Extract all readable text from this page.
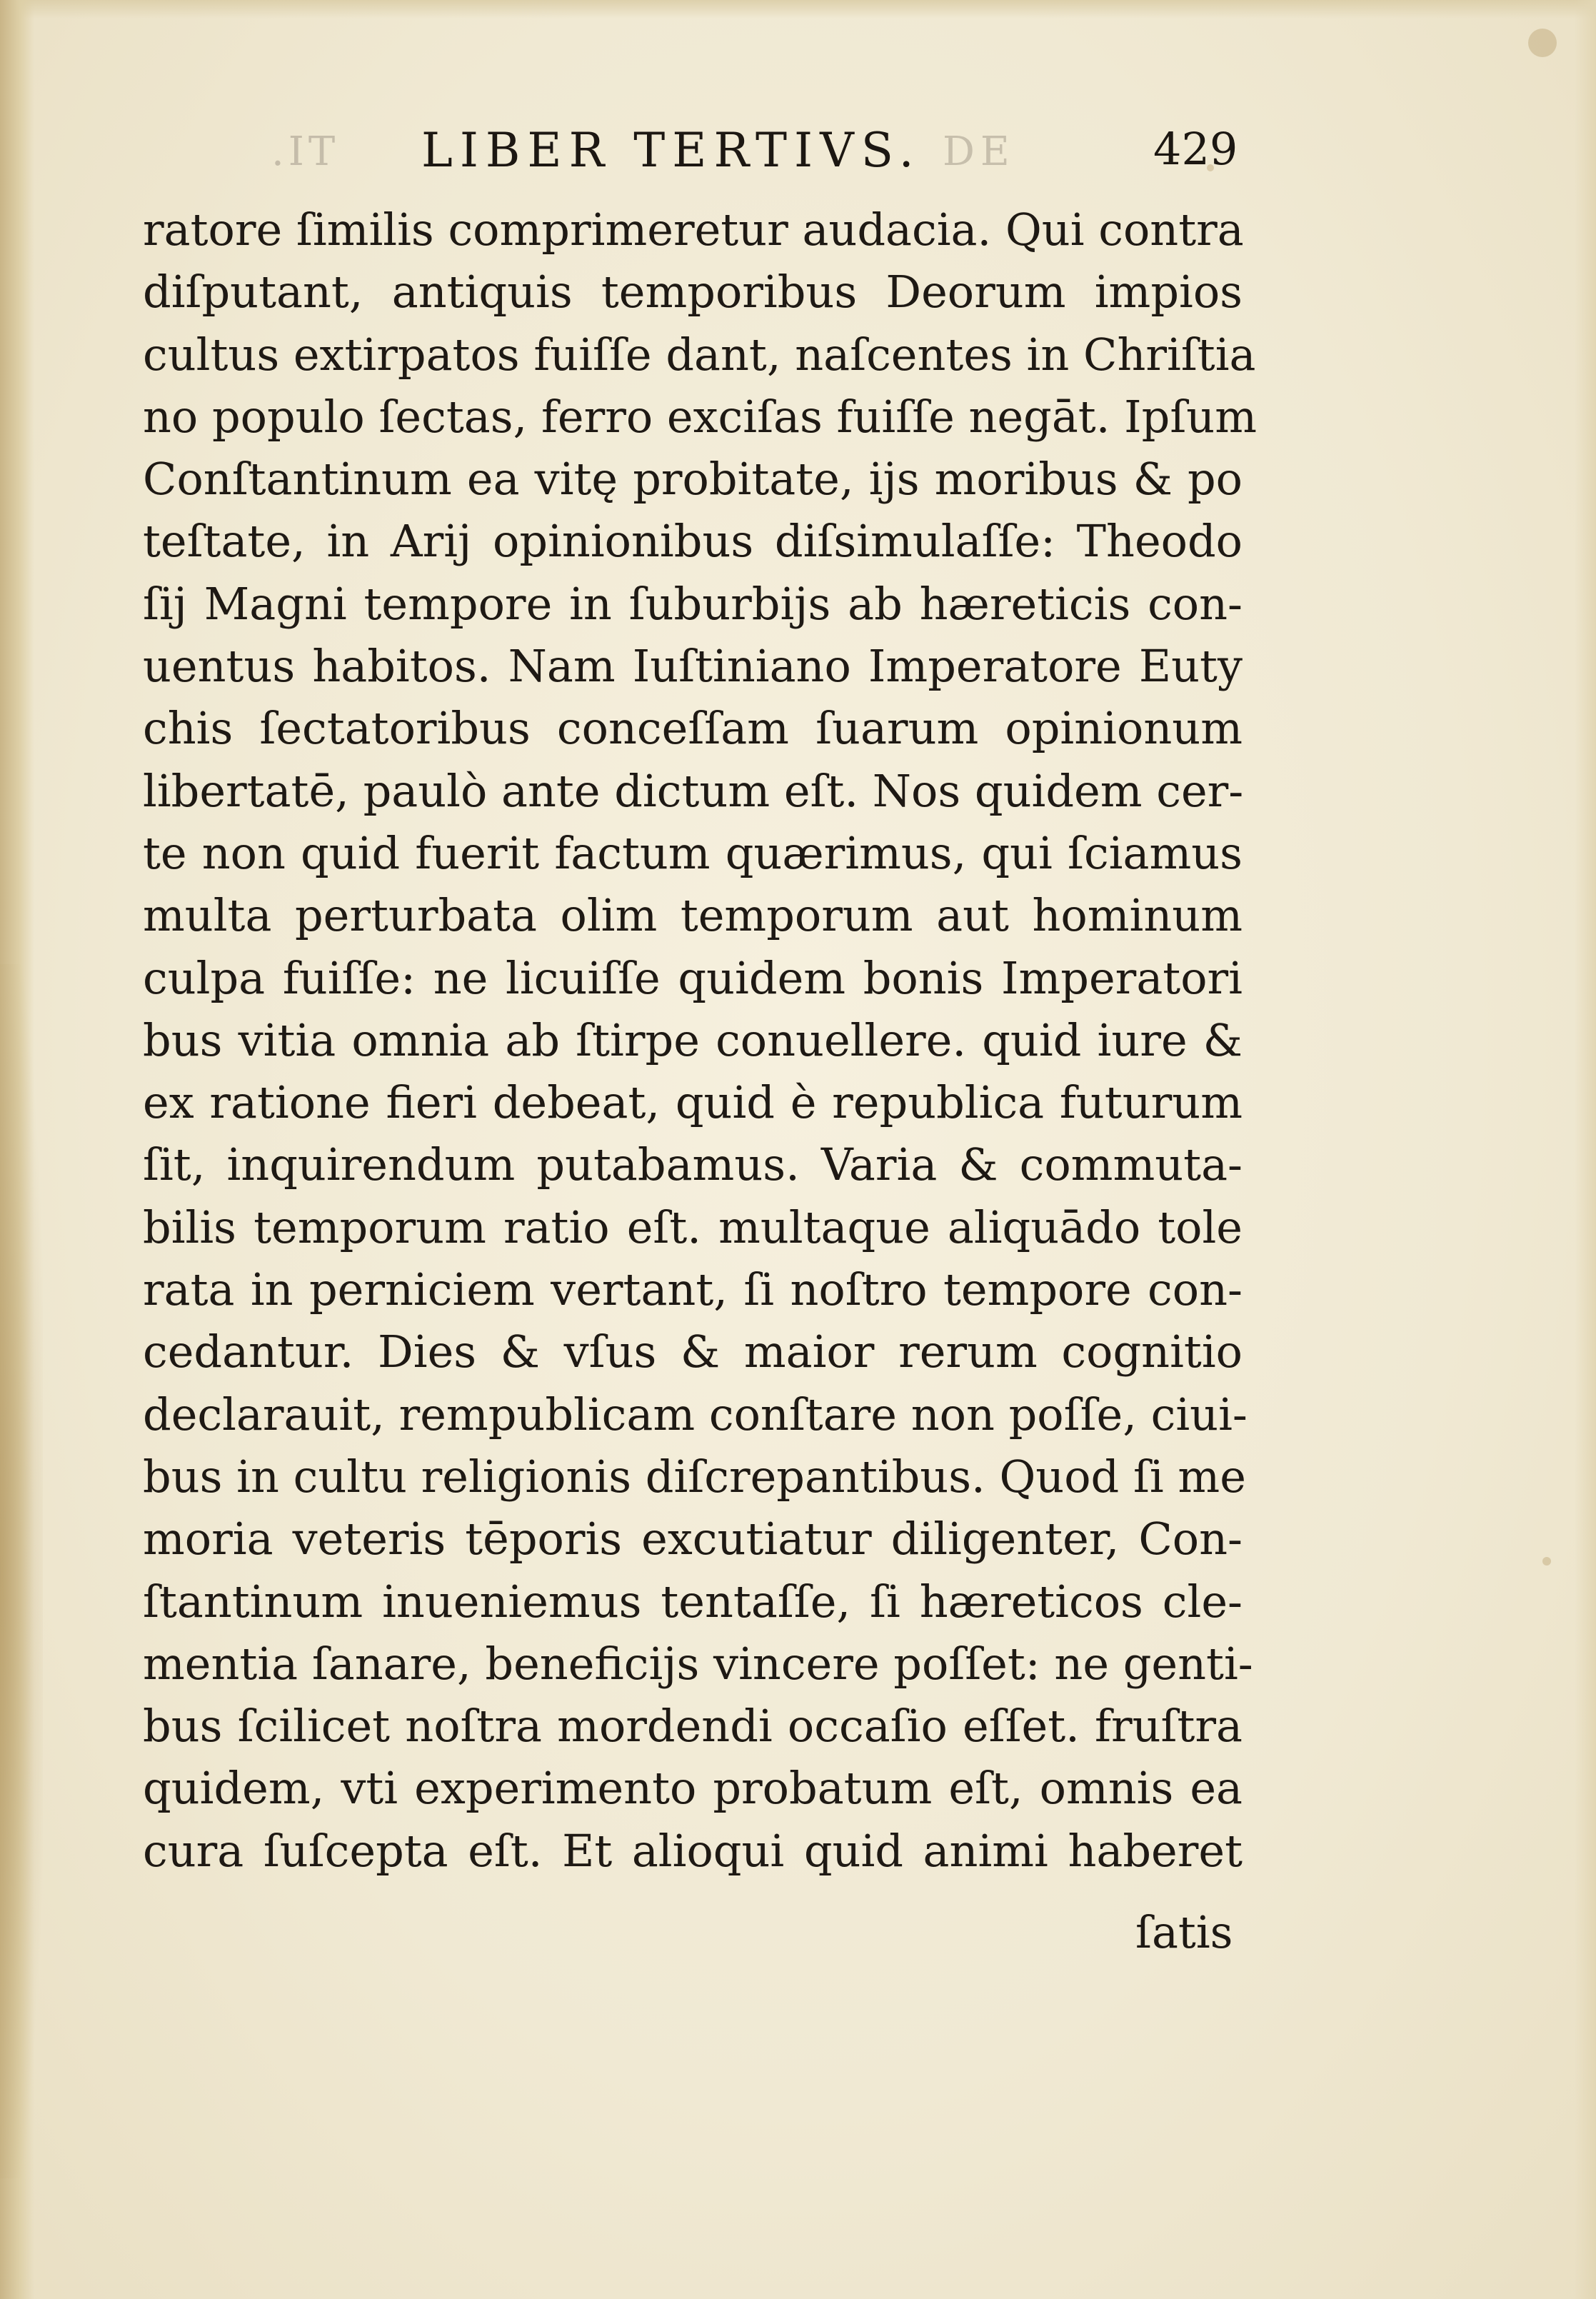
.IT LIBER TERTIVS. DE	429
ratore ſimilis comprimeretur audacia. Qui contra
diſputant, antiquis temporibus Deorum impios
cultus extirpatos fuiſſe dant, naſcentes in Chriſtia
no populo ſectas, ferro exciſas fuiſſe negāt. Ipſum
Conſtantinum ea vitę probitate, ijs moribus & po
teſtate, in Arij opinionibus diſsimulaſſe: Theodo
ſij Magni tempore in ſuburbijs ab hæreticis con-
uentus habitos. Nam Iuſtiniano Imperatore Euty
chis ſectatoribus conceſſam ſuarum opinionum
libertatē, paulò ante dictum eſt. Nos quidem cer-
te non quid fuerit factum quærimus, qui ſciamus
multa perturbata olim temporum aut hominum
culpa fuiſſe: ne licuiſſe quidem bonis Imperatori
bus vitia omnia ab ſtirpe conuellere. quid iure &
ex ratione fieri debeat, quid è republica futurum
ſit, inquirendum putabamus. Varia & commuta-
bilis temporum ratio eſt. multaque aliquādo tole
rata in perniciem vertant, ſi noſtro tempore con-
cedantur. Dies & vſus & maior rerum cognitio
declarauit, rempublicam conſtare non poſſe, ciui-
bus in cultu religionis diſcrepantibus. Quod ſi me
moria veteris tēporis excutiatur diligenter, Con-
ſtantinum inueniemus tentaſſe, ſi hæreticos cle-
mentia ſanare, beneficijs vincere poſſet: ne genti-
bus ſcilicet noſtra mordendi occaſio eſſet. fruſtra
quidem, vti experimento probatum eſt, omnis ea
cura ſuſcepta eſt. Et alioqui quid animi haberet
ſatis
